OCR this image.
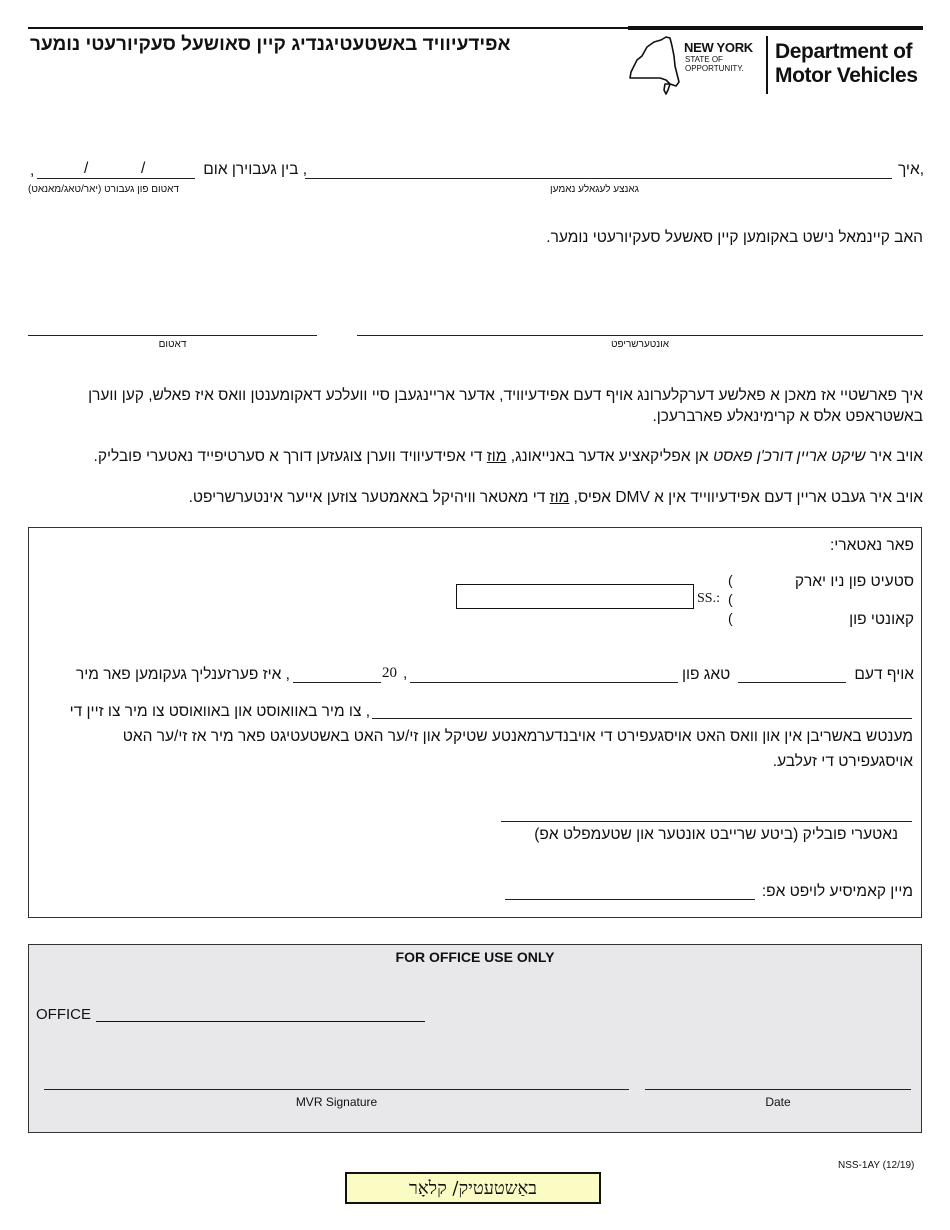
אפידעיוויד באשטעטיגנדיג קיין סאושעל סעקיורעטי נומער	NEW YORK
STATE OF
OPPORTUNITY.
Department of
Motor Vehicles
איך,
, בין געבוירן אום
/	/
,
גאנצע לעגאלע נאמען
דאטום פון געבורט (יאר/טאג/מאנאט)
האב קיינמאל נישט באקומען קיין סאשעל סעקיורעטי נומער.
אונטערשריפט
דאטום
איך פארשטיי אז מאכן א פאלשע דערקלערונג אויף דעם אפידעיוויד, אדער אריינגעבן סיי וועלכע דאקומענטן וואס איז פאלש, קען ווערן באשטראפט אלס א קרימינאלע פארברעכן.
אויב איר שיקט אריין דורכ'ן פאסט אן אפליקאציע אדער באנייאונג, מוז די אפידעיוויד ווערן צוגעזען דורך א סערטיפייד נאטערי פובליק.
אויב איר געבט אריין דעם אפידעיווייד אין א DMV אפיס, מוז די מאטאר וויהיקל באאמטער צוזען אייער אינטערשריפט.
פאר נאטארי:
סטעיט פון ניו יארק
קאונטי פון
(
(
(
SS.:
אויף דעם
טאג פון
,
20
, איז פערזענליך געקומען פאר מיר
, צו מיר באוואוסט און באוואוסט צו מיר צו זיין די
מענטש באשריבן אין און וואס האט אויסגעפירט די אויבנדערמאנטע שטיקל און זי/ער האט באשטעטיגט פאר מיר אז זי/ער האט
אויסגעפירט די זעלבע.
נאטערי פובליק (ביטע שרייבט אונטער און שטעמפלט אפ)
מיין קאמיסיע לויפט אפ:
FOR OFFICE USE ONLY
OFFICE
MVR Signature	Date
NSS-1AY (12/19)
באַשטעטיק/ קלאָר
